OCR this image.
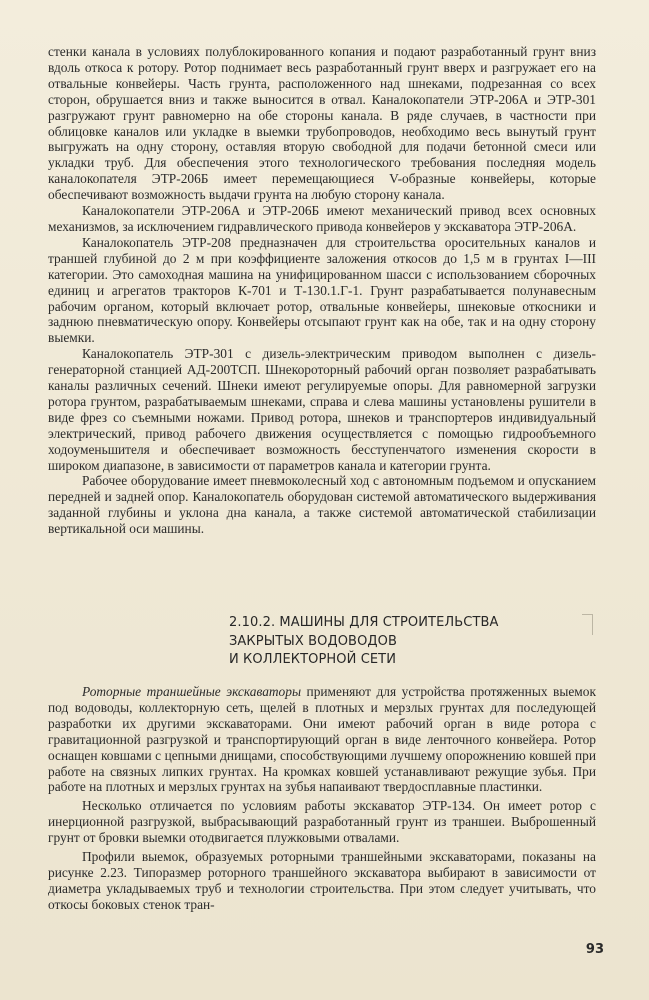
стенки канала в условиях полублокированного копания и подают разработанный грунт вниз вдоль откоса к ротору. Ротор поднимает весь разработанный грунт вверх и разгружает его на отвальные конвейеры. Часть грунта, расположенного над шнеками, подрезанная со всех сторон, обрушается вниз и также выносится в отвал. Каналокопатели ЭТР-206А и ЭТР-301 разгружают грунт равномерно на обе стороны канала. В ряде случаев, в частности при облицовке каналов или укладке в выемки трубопроводов, необходимо весь вынутый грунт выгружать на одну сторону, оставляя вторую свободной для подачи бетонной смеси или укладки труб. Для обеспечения этого технологического требования последняя модель каналокопателя ЭТР-206Б имеет перемещающиеся V-образные конвейеры, которые обеспечивают возможность выдачи грунта на любую сторону канала.

Каналокопатели ЭТР-206А и ЭТР-206Б имеют механический привод всех основных механизмов, за исключением гидравлического привода конвейеров у экскаватора ЭТР-206А.

Каналокопатель ЭТР-208 предназначен для строительства оросительных каналов и траншей глубиной до 2 м при коэффициенте заложения откосов до 1,5 м в грунтах I—III категории. Это самоходная машина на унифицированном шасси с использованием сборочных единиц и агрегатов тракторов К-701 и Т-130.1.Г-1. Грунт разрабатывается полунавесным рабочим органом, который включает ротор, отвальные конвейеры, шнековые откосники и заднюю пневматическую опору. Конвейеры отсыпают грунт как на обе, так и на одну сторону выемки.

Каналокопатель ЭТР-301 с дизель-электрическим приводом выполнен с дизель-генераторной станцией АД-200ТСП. Шнекороторный рабочий орган позволяет разрабатывать каналы различных сечений. Шнеки имеют регулируемые опоры. Для равномерной загрузки ротора грунтом, разрабатываемым шнеками, справа и слева машины установлены рушители в виде фрез со съемными ножами. Привод ротора, шнеков и транспортеров индивидуальный электрический, привод рабочего движения осуществляется с помощью гидрообъемного ходоуменьшителя и обеспечивает возможность бесступенчатого изменения скорости в широком диапазоне, в зависимости от параметров канала и категории грунта.

Рабочее оборудование имеет пневмоколесный ход с автономным подъемом и опусканием передней и задней опор. Каналокопатель оборудован системой автоматического выдерживания заданной глубины и уклона дна канала, а также системой автоматической стабилизации вертикальной оси машины.

2.10.2. МАШИНЫ ДЛЯ СТРОИТЕЛЬСТВА
ЗАКРЫТЫХ ВОДОВОДОВ
И КОЛЛЕКТОРНОЙ СЕТИ

Роторные траншейные экскаваторы применяют для устройства протяженных выемок под водоводы, коллекторную сеть, щелей в плотных и мерзлых грунтах для последующей разработки их другими экскаваторами. Они имеют рабочий орган в виде ротора с гравитационной разгрузкой и транспортирующий орган в виде ленточного конвейера. Ротор оснащен ковшами с цепными днищами, способствующими лучшему опорожнению ковшей при работе на связных липких грунтах. На кромках ковшей устанавливают режущие зубья. При работе на плотных и мерзлых грунтах на зубья напаивают твердосплавные пластинки.

Несколько отличается по условиям работы экскаватор ЭТР-134. Он имеет ротор с инерционной разгрузкой, выбрасывающий разработанный грунт из траншеи. Выброшенный грунт от бровки выемки отодвигается плужковыми отвалами.

Профили выемок, образуемых роторными траншейными экскаваторами, показаны на рисунке 2.23. Типоразмер роторного траншейного экскаватора выбирают в зависимости от диаметра укладываемых труб и технологии строительства. При этом следует учитывать, что откосы боковых стенок тран-

93
